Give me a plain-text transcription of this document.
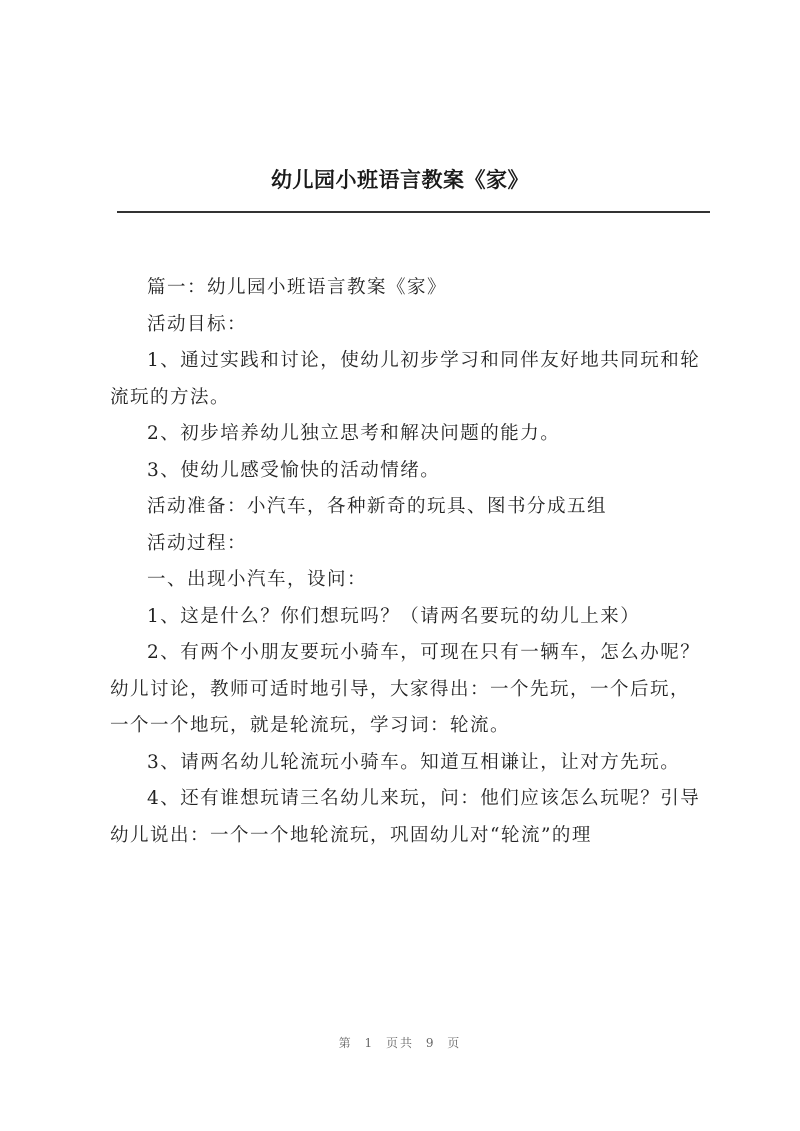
幼儿园小班语言教案《家》

篇一：幼儿园小班语言教案《家》

活动目标：

1、通过实践和讨论，使幼儿初步学习和同伴友好地共同玩和轮流玩的方法。

2、初步培养幼儿独立思考和解决问题的能力。

3、使幼儿感受愉快的活动情绪。

活动准备：小汽车，各种新奇的玩具、图书分成五组

活动过程：

一、出现小汽车，设问：

1、这是什么？你们想玩吗？（请两名要玩的幼儿上来）

2、有两个小朋友要玩小骑车，可现在只有一辆车，怎么办呢？幼儿讨论，教师可适时地引导，大家得出：一个先玩，一个后玩，一个一个地玩，就是轮流玩，学习词：轮流。

3、请两名幼儿轮流玩小骑车。知道互相谦让，让对方先玩。

4、还有谁想玩请三名幼儿来玩，问：他们应该怎么玩呢？引导幼儿说出：一个一个地轮流玩，巩固幼儿对“轮流”的理

第 1 页共 9 页
